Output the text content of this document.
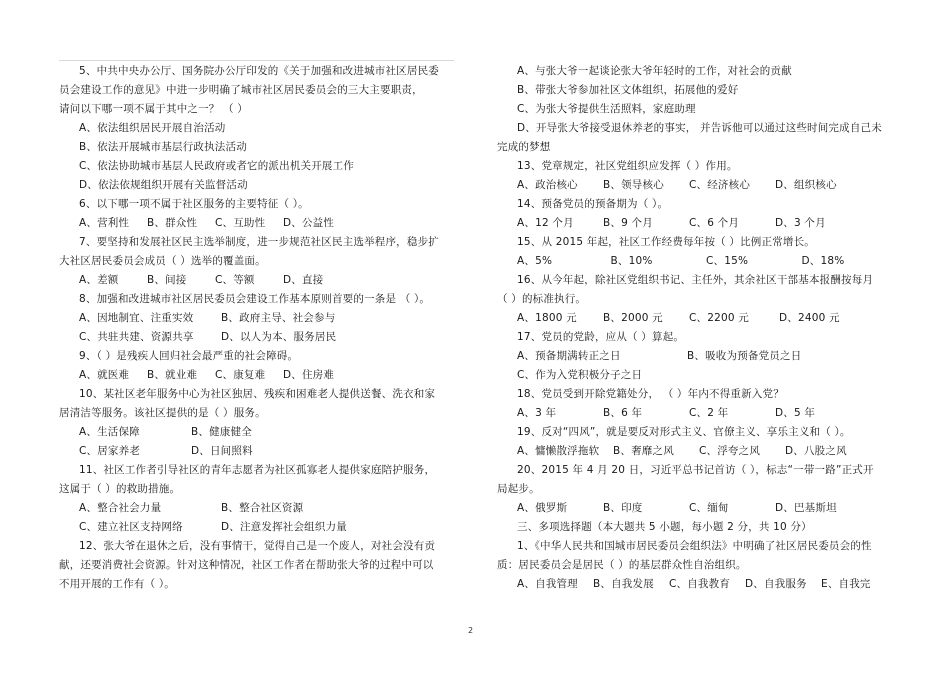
5、中共中央办公厅、国务院办公厅印发的《关于加强和改进城市社区居民委
员会建设工作的意见》中进一步明确了城市社区居民委员会的三大主要职责，
请问以下哪一项不属于其中之一？ （ ）
A、依法组织居民开展自治活动
B、依法开展城市基层行政执法活动
C、依法协助城市基层人民政府或者它的派出机关开展工作
D、依法依规组织开展有关监督活动
6、以下哪一项不属于社区服务的主要特征（ ）。
A、营利性	B、群众性	C、互助性	D、公益性
7、要坚持和发展社区民主选举制度，进一步规范社区民主选举程序，稳步扩
大社区居民委员会成员（ ）选举的覆盖面。
A、差额	B、间接	C、等额	D、直接
8、加强和改进城市社区居民委员会建设工作基本原则首要的一条是 （ ）。
A、因地制宜、注重实效	B、政府主导、社会参与
C、共驻共建、资源共享	D、以人为本、服务居民
9、（ ）是残疾人回归社会最严重的社会障碍。
A、就医难	B、就业难	C、康复难	D、住房难
10、某社区老年服务中心为社区独居、残疾和困难老人提供送餐、洗衣和家
居清洁等服务。该社区提供的是（ ）服务。
A、生活保障	B、健康健全
C、居家养老	D、日间照料
11、社区工作者引导社区的青年志愿者为社区孤寡老人提供家庭陪护服务，
这属于（ ）的救助措施。
A、整合社会力量	B、整合社区资源
C、建立社区支持网络	D、注意发挥社会组织力量
12、张大爷在退休之后，没有事情干，觉得自己是一个废人，对社会没有贡
献，还要消费社会资源。针对这种情况，社区工作者在帮助张大爷的过程中可以
不用开展的工作有（ ）。
A、与张大爷一起谈论张大爷年轻时的工作，对社会的贡献
B、带张大爷参加社区文体组织，拓展他的爱好
C、为张大爷提供生活照料，家庭助理
D、开导张大爷接受退休养老的事实， 并告诉他可以通过这些时间完成自己未
完成的梦想
13、党章规定，社区党组织应发挥（ ）作用。
A、政治核心	B、领导核心	C、经济核心	D、组织核心
14、预备党员的预备期为（ ）。
A、12 个月	B、9 个月	C、6 个月	D、3 个月
15、从 2015 年起，社区工作经费每年按（ ）比例正常增长。
A、5%	B、10%	C、15%	D、18%
16、从今年起，除社区党组织书记、主任外，其余社区干部基本报酬按每月
（ ）的标准执行。
A、1800 元	B、2000 元	C、2200 元	D、2400 元
17、党员的党龄，应从（ ）算起。
A、预备期满转正之日	B、吸收为预备党员之日
C、作为入党积极分子之日
18、党员受到开除党籍处分， （ ）年内不得重新入党？
A、3 年	B、6 年	C、2 年	D、5 年
19、反对“四风”，就是要反对形式主义、官僚主义、享乐主义和（ ）。
A、慵懒散浮拖软	B、奢靡之风	C、浮夸之风	D、八股之风
20、2015 年 4 月 20 日，习近平总书记首访（ ），标志“一带一路”正式开
局起步。
A、俄罗斯	B、印度	C、缅甸	D、巴基斯坦
三、多项选择题（本大题共 5 小题，每小题 2 分，共 10 分）
1、《中华人民共和国城市居民委员会组织法》中明确了社区居民委员会的性
质：居民委员会是居民（ ）的基层群众性自治组织。
A、自我管理	B、自我发展	C、自我教育	D、自我服务	E、自我完
2
